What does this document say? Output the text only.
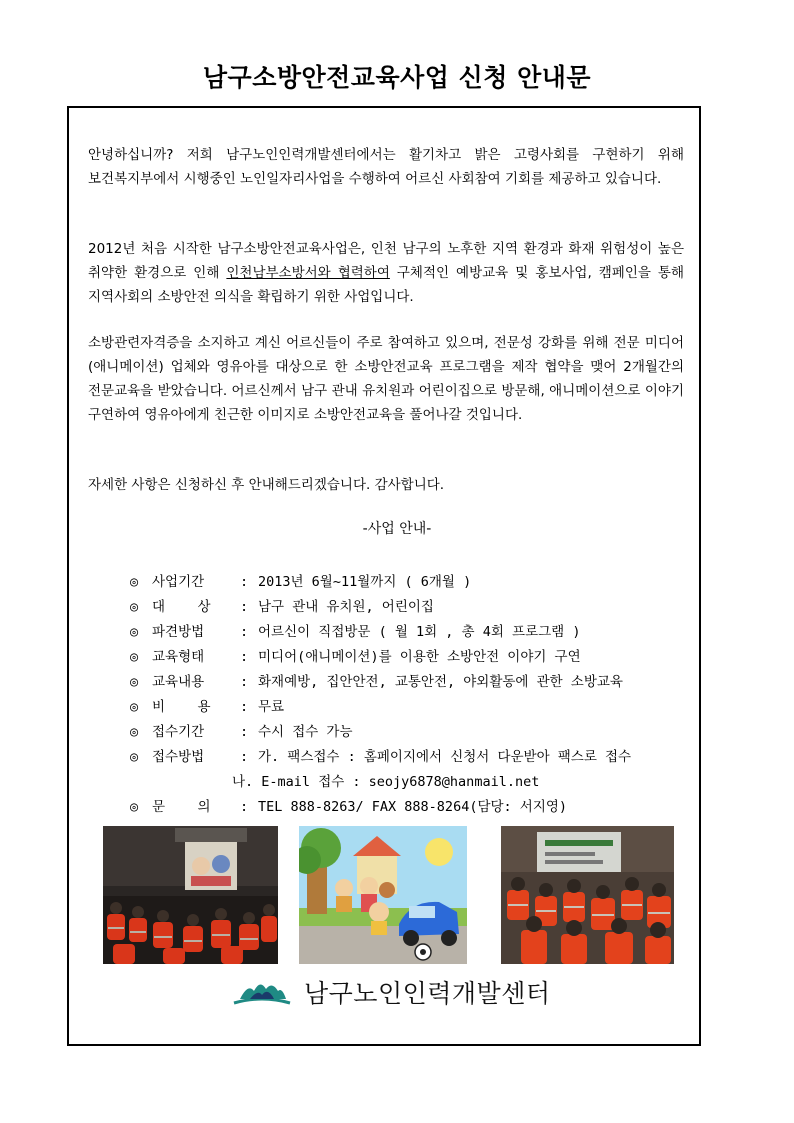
남구소방안전교육사업 신청 안내문
안녕하십니까? 저희 남구노인인력개발센터에서는 활기차고 밝은 고령사회를 구현하기 위해 보건복지부에서 시행중인 노인일자리사업을 수행하여 어르신 사회참여 기회를 제공하고 있습니다.
2012년 처음 시작한 남구소방안전교육사업은, 인천 남구의 노후한 지역 환경과 화재 위험성이 높은 취약한 환경으로 인해 인천남부소방서와 협력하여 구체적인 예방교육 및 홍보사업, 캠페인을 통해 지역사회의 소방안전 의식을 확립하기 위한 사업입니다.
소방관련자격증을 소지하고 계신 어르신들이 주로 참여하고 있으며, 전문성 강화를 위해 전문 미디어(애니메이션) 업체와 영유아를 대상으로 한 소방안전교육 프로그램을 제작 협약을 맺어 2개월간의 전문교육을 받았습니다. 어르신께서 남구 관내 유치원과 어린이집으로 방문해, 애니메이션으로 이야기 구연하여 영유아에게 친근한 이미지로 소방안전교육을 풀어나갈 것입니다.
자세한 사항은 신청하신 후 안내해드리겠습니다. 감사합니다.
-사업 안내-
◎	사업기간	: 2013년 6월~11월까지 ( 6개월 )
◎	대    상	: 남구 관내 유치원, 어린이집
◎	파견방법	: 어르신이 직접방문 ( 월 1회 , 총 4회 프로그램 )
◎	교육형태	: 미디어(애니메이션)를 이용한 소방안전 이야기 구연
◎	교육내용	: 화재예방, 집안안전, 교통안전, 야외활동에 관한 소방교육
◎	비    용	: 무료
◎	접수기간	: 수시 접수 가능
◎	접수방법	: 가. 팩스접수 : 홈페이지에서 신청서 다운받아 팩스로 접수
나. E-mail 접수 : seojy6878@hanmail.net
◎	문    의	: TEL 888-8263/ FAX 888-8264(담당: 서지영)
남구노인인력개발센터
